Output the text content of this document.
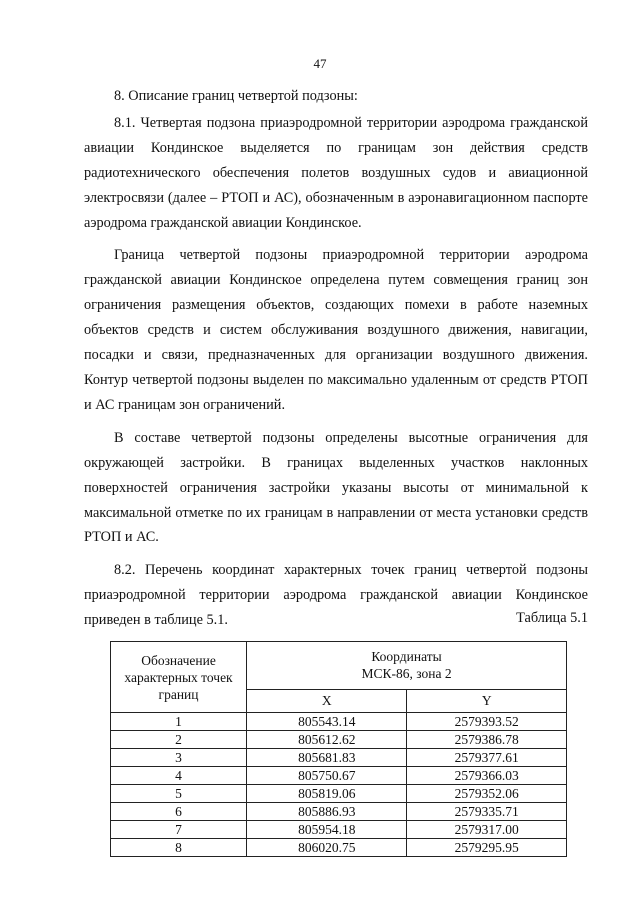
47

8. Описание границ четвертой подзоны:

8.1. Четвертая подзона приаэродромной территории аэродрома гражданской авиации Кондинское выделяется по границам зон действия средств радиотехнического обеспечения полетов воздушных судов и авиационной электросвязи (далее – РТОП и АС), обозначенным в аэронавигационном паспорте аэродрома гражданской авиации Кондинское.

Граница четвертой подзоны приаэродромной территории аэродрома гражданской авиации Кондинское определена путем совмещения границ зон ограничения размещения объектов, создающих помехи в работе наземных объектов средств и систем обслуживания воздушного движения, навигации, посадки и связи, предназначенных для организации воздушного движения. Контур четвертой подзоны выделен по максимально удаленным от средств РТОП и АС границам зон ограничений.

В составе четвертой подзоны определены высотные ограничения для окружающей застройки. В границах выделенных участков наклонных поверхностей ограничения застройки указаны высоты от минимальной к максимальной отметке по их границам в направлении от места установки средств РТОП и АС.

8.2. Перечень координат характерных точек границ четвертой подзоны приаэродромной территории аэродрома гражданской авиации Кондинское приведен в таблице 5.1.	Таблица 5.1
Обозначение характерных точек границ	Координаты
МСК-86, зона 2	
	X	Y
1	805543.14	2579393.52
2	805612.62	2579386.78
3	805681.83	2579377.61
4	805750.67	2579366.03
5	805819.06	2579352.06
6	805886.93	2579335.71
7	805954.18	2579317.00
8	806020.75	2579295.95
